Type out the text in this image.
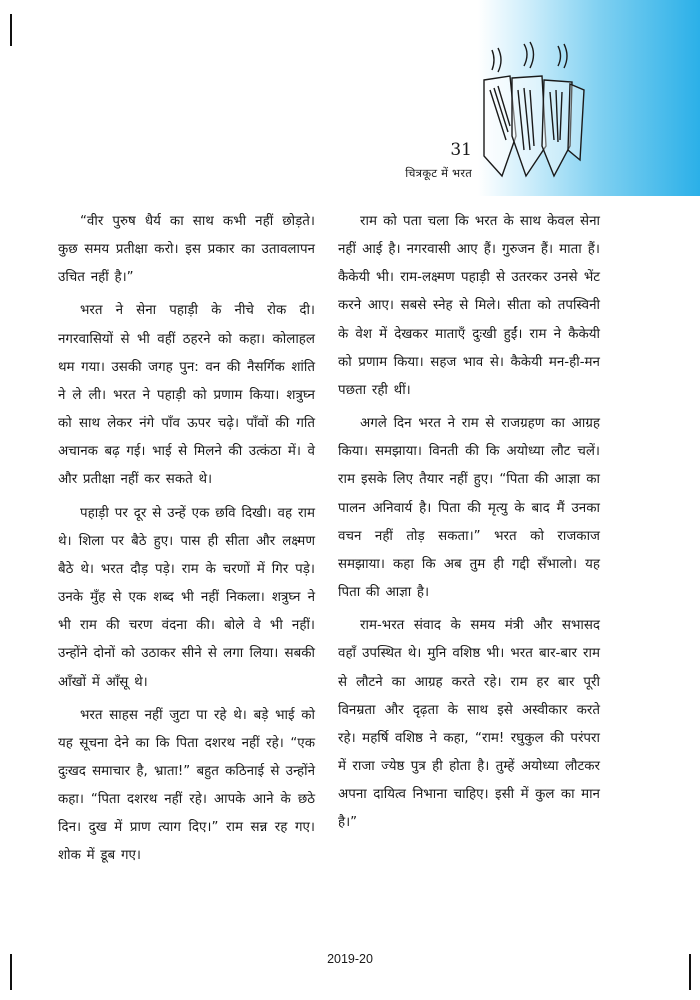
31
चित्रकूट में भरत

“वीर पुरुष धैर्य का साथ कभी नहीं छोड़ते। कुछ समय प्रतीक्षा करो। इस प्रकार का उतावलापन उचित नहीं है।”

भरत ने सेना पहाड़ी के नीचे रोक दी। नगरवासियों से भी वहीं ठहरने को कहा। कोलाहल थम गया। उसकी जगह पुन: वन की नैसर्गिक शांति ने ले ली। भरत ने पहाड़ी को प्रणाम किया। शत्रुघ्न को साथ लेकर नंगे पाँव ऊपर चढ़े। पाँवों की गति अचानक बढ़ गई। भाई से मिलने की उत्कंठा में। वे और प्रतीक्षा नहीं कर सकते थे।

पहाड़ी पर दूर से उन्हें एक छवि दिखी। वह राम थे। शिला पर बैठे हुए। पास ही सीता और लक्ष्मण बैठे थे। भरत दौड़ पड़े। राम के चरणों में गिर पड़े। उनके मुँह से एक शब्द भी नहीं निकला। शत्रुघ्न ने भी राम की चरण वंदना की। बोले वे भी नहीं। उन्होंने दोनों को उठाकर सीने से लगा लिया। सबकी आँखों में आँसू थे।

भरत साहस नहीं जुटा पा रहे थे। बड़े भाई को यह सूचना देने का कि पिता दशरथ नहीं रहे। “एक दुःखद समाचार है, भ्राता!” बहुत कठिनाई से उन्होंने कहा। “पिता दशरथ नहीं रहे। आपके आने के छठे दिन। दुख में प्राण त्याग दिए।” राम सन्न रह गए। शोक में डूब गए।

राम को पता चला कि भरत के साथ केवल सेना नहीं आई है। नगरवासी आए हैं। गुरुजन हैं। माता हैं। कैकेयी भी। राम-लक्ष्मण पहाड़ी से उतरकर उनसे भेंट करने आए। सबसे स्नेह से मिले। सीता को तपस्विनी के वेश में देखकर माताएँ दुःखी हुईं। राम ने कैकेयी को प्रणाम किया। सहज भाव से। कैकेयी मन-ही-मन पछता रही थीं।

अगले दिन भरत ने राम से राजग्रहण का आग्रह किया। समझाया। विनती की कि अयोध्या लौट चलें। राम इसके लिए तैयार नहीं हुए। “पिता की आज्ञा का पालन अनिवार्य है। पिता की मृत्यु के बाद मैं उनका वचन नहीं तोड़ सकता।” भरत को राजकाज समझाया। कहा कि अब तुम ही गद्दी सँभालो। यह पिता की आज्ञा है।

राम-भरत संवाद के समय मंत्री और सभासद वहाँ उपस्थित थे। मुनि वशिष्ठ भी। भरत बार-बार राम से लौटने का आग्रह करते रहे। राम हर बार पूरी विनम्रता और दृढ़ता के साथ इसे अस्वीकार करते रहे। महर्षि वशिष्ठ ने कहा, “राम! रघुकुल की परंपरा में राजा ज्येष्ठ पुत्र ही होता है। तुम्हें अयोध्या लौटकर अपना दायित्व निभाना चाहिए। इसी में कुल का मान है।”

2019-20
